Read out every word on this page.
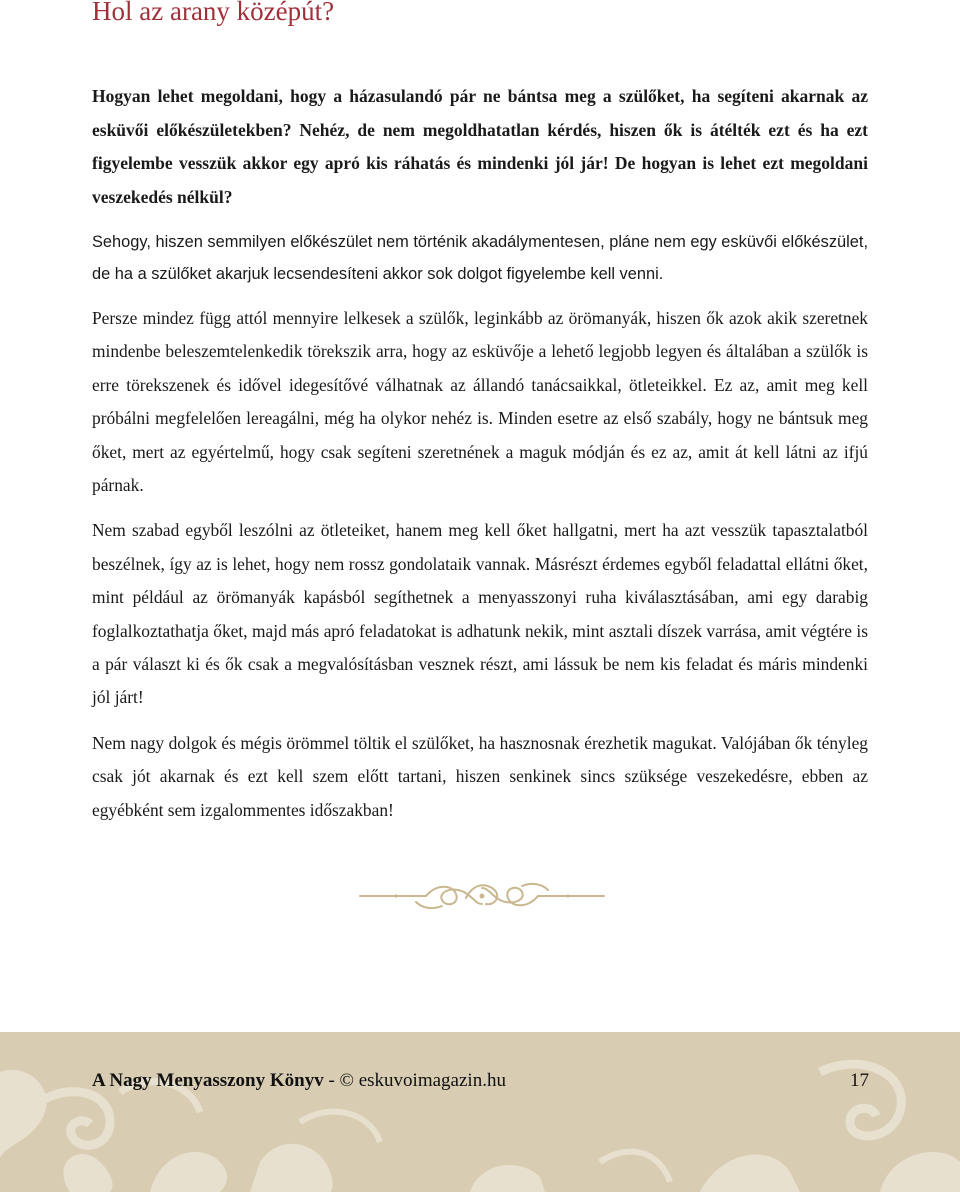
Hol az arany középút?

Hogyan lehet megoldani, hogy a házasulandó pár ne bántsa meg a szülőket, ha segíteni akarnak az esküvői előkészületekben? Nehéz, de nem megoldhatatlan kérdés, hiszen ők is átélték ezt és ha ezt figyelembe vesszük akkor egy apró kis ráhatás és mindenki jól jár! De hogyan is lehet ezt megoldani veszekedés nélkül?

Sehogy, hiszen semmilyen előkészület nem történik akadálymentesen, pláne nem egy esküvői előkészület, de ha a szülőket akarjuk lecsendesíteni akkor sok dolgot figyelembe kell venni.

Persze mindez függ attól mennyire lelkesek a szülők, leginkább az örömanyák, hiszen ők azok akik szeretnek mindenbe beleszemtelenkedik törekszik arra, hogy az esküvője a lehető legjobb legyen és általában a szülők is erre törekszenek és idővel idegesítővé válhatnak az állandó tanácsaikkal, ötleteikkel. Ez az, amit meg kell próbálni megfelelően lereagálni, még ha olykor nehéz is. Minden esetre az első szabály, hogy ne bántsuk meg őket, mert az egyértelmű, hogy csak segíteni szeretnének a maguk módján és ez az, amit át kell látni az ifjú párnak.

Nem szabad egyből leszólni az ötleteiket, hanem meg kell őket hallgatni, mert ha azt vesszük tapasztalatból beszélnek, így az is lehet, hogy nem rossz gondolataik vannak. Másrészt érdemes egyből feladattal ellátni őket, mint például az örömanyák kapásból segíthetnek a menyasszonyi ruha kiválasztásában, ami egy darabig foglalkoztathatja őket, majd más apró feladatokat is adhatunk nekik, mint asztali díszek varrása, amit végtére is a pár választ ki és ők csak a megvalósításban vesznek részt, ami lássuk be nem kis feladat és máris mindenki jól járt!

Nem nagy dolgok és mégis örömmel töltik el szülőket, ha hasznosnak érezhetik magukat. Valójában ők tényleg csak jót akarnak és ezt kell szem előtt tartani, hiszen senkinek sincs szüksége veszekedésre, ebben az egyébként sem izgalommentes időszakban!

A Nagy Menyasszony Könyv - © eskuvoimagazin.hu	17
